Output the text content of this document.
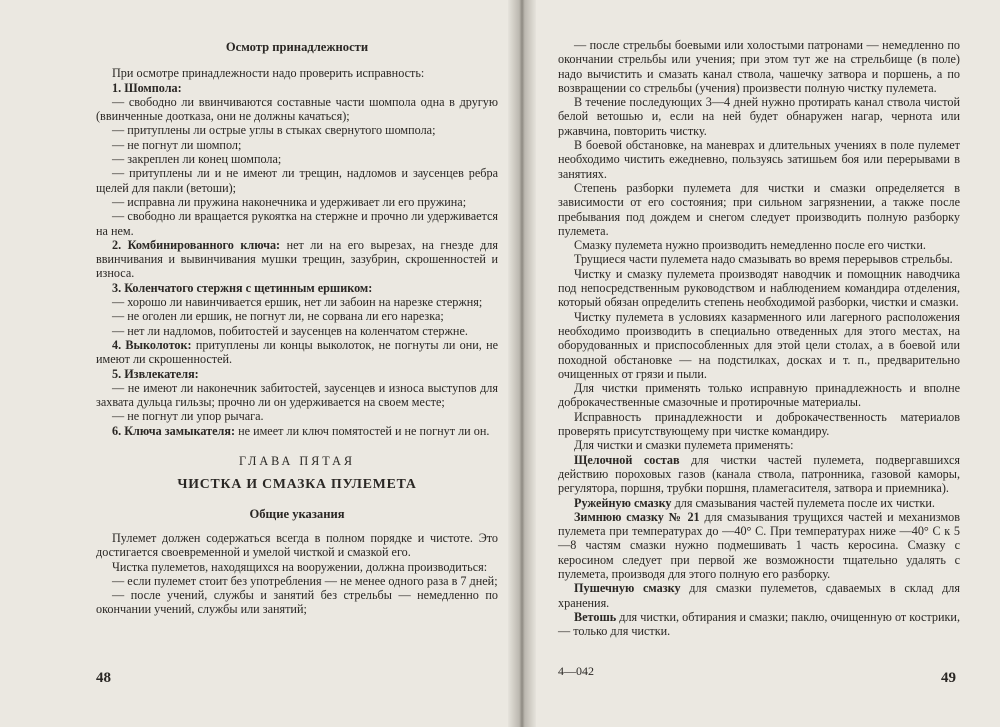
Осмотр принадлежности

При осмотре принадлежности надо проверить исправность:

1. Шомпола:

— свободно ли ввинчиваются составные части шомпола одна в другую (ввинченные доотказа, они не должны качаться);

— притуплены ли острые углы в стыках свернутого шомпола;

— не погнут ли шомпол;

— закреплен ли конец шомпола;

— притуплены ли и не имеют ли трещин, надломов и заусенцев ребра щелей для пакли (ветоши);

— исправна ли пружина наконечника и удерживает ли его пружина;

— свободно ли вращается рукоятка на стержне и прочно ли удерживается на нем.

2. Комбинированного ключа: нет ли на его вырезах, на гнезде для ввинчивания и вывинчивания мушки трещин, зазубрин, скрошенностей и износа.

3. Коленчатого стержня с щетинным ершиком:

— хорошо ли навинчивается ершик, нет ли забоин на нарезке стержня;

— не оголен ли ершик, не погнут ли, не сорвана ли его нарезка;

— нет ли надломов, побитостей и заусенцев на коленчатом стержне.

4. Выколоток: притуплены ли концы выколоток, не погнуты ли они, не имеют ли скрошенностей.

5. Извлекателя:

— не имеют ли наконечник забитостей, заусенцев и износа выступов для захвата дульца гильзы; прочно ли он удерживается на своем месте;

— не погнут ли упор рычага.

6. Ключа замыкателя: не имеет ли ключ помятостей и не погнут ли он.

ГЛАВА ПЯТАЯ

ЧИСТКА И СМАЗКА ПУЛЕМЕТА

Общие указания

Пулемет должен содержаться всегда в полном порядке и чистоте. Это достигается своевременной и умелой чисткой и смазкой его.

Чистка пулеметов, находящихся на вооружении, должна производиться:

— если пулемет стоит без употребления — не менее одного раза в 7 дней;

— после учений, службы и занятий без стрельбы — немедленно по окончании учений, службы или занятий;

48

— после стрельбы боевыми или холостыми патронами — немедленно по окончании стрельбы или учения; при этом тут же на стрельбище (в поле) надо вычистить и смазать канал ствола, чашечку затвора и поршень, а по возвращении со стрельбы (учения) произвести полную чистку пулемета.

В течение последующих 3—4 дней нужно протирать канал ствола чистой белой ветошью и, если на ней будет обнаружен нагар, чернота или ржавчина, повторить чистку.

В боевой обстановке, на маневрах и длительных учениях в поле пулемет необходимо чистить ежедневно, пользуясь затишьем боя или перерывами в занятиях.

Степень разборки пулемета для чистки и смазки определяется в зависимости от его состояния; при сильном загрязнении, а также после пребывания под дождем и снегом следует производить полную разборку пулемета.

Смазку пулемета нужно производить немедленно после его чистки.

Трущиеся части пулемета надо смазывать во время перерывов стрельбы.

Чистку и смазку пулемета производят наводчик и помощник наводчика под непосредственным руководством и наблюдением командира отделения, который обязан определить степень необходимой разборки, чистки и смазки.

Чистку пулемета в условиях казарменного или лагерного расположения необходимо производить в специально отведенных для этого местах, на оборудованных и приспособленных для этой цели столах, а в боевой или походной обстановке — на подстилках, досках и т. п., предварительно очищенных от грязи и пыли.

Для чистки применять только исправную принадлежность и вполне доброкачественные смазочные и протирочные материалы.

Исправность принадлежности и доброкачественность материалов проверять присутствующему при чистке командиру.

Для чистки и смазки пулемета применять:

Щелочной состав для чистки частей пулемета, подвергавшихся действию пороховых газов (канала ствола, патронника, газовой каморы, регулятора, поршня, трубки поршня, пламегасителя, затвора и приемника).

Ружейную смазку для смазывания частей пулемета после их чистки.

Зимнюю смазку № 21 для смазывания трущихся частей и механизмов пулемета при температурах до —40° С. При температурах ниже —40° С к 5—8 частям смазки нужно подмешивать 1 часть керосина. Смазку с керосином следует при первой же возможности тщательно удалять с пулемета, производя для этого полную его разборку.

Пушечную смазку для смазки пулеметов, сдаваемых в склад для хранения.

Ветошь для чистки, обтирания и смазки; паклю, очищенную от кострики, — только для чистки.

4—042	49
